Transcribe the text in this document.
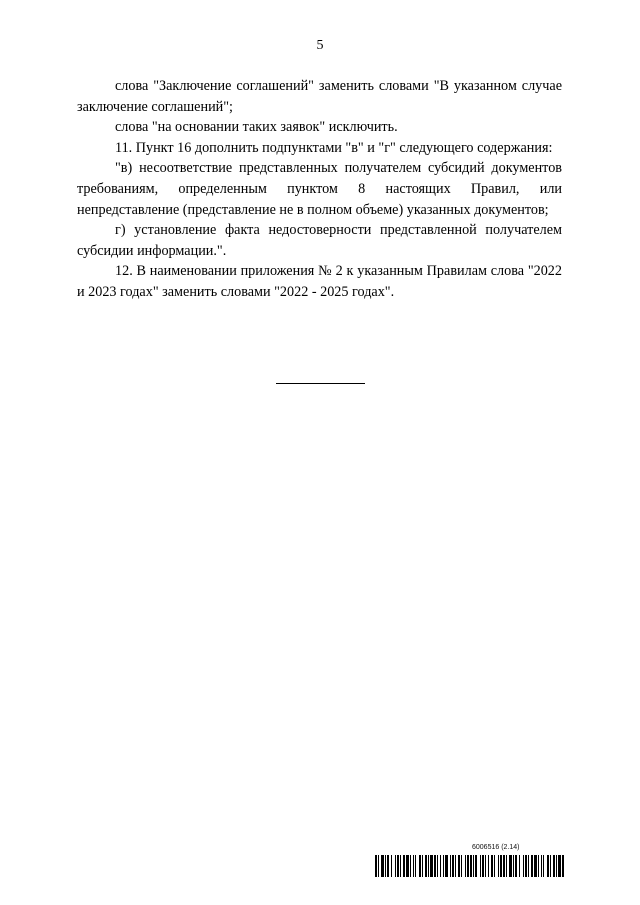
5

слова "Заключение соглашений" заменить словами "В указанном случае заключение соглашений";

слова "на основании таких заявок" исключить.

11. Пункт 16 дополнить подпунктами "в" и "г" следующего содержания:

"в) несоответствие представленных получателем субсидий документов требованиям, определенным пунктом 8 настоящих Правил, или непредставление (представление не в полном объеме) указанных документов;

г) установление факта недостоверности представленной получателем субсидии информации.".

12. В наименовании приложения № 2 к указанным Правилам слова "2022 и 2023 годах" заменить словами "2022 - 2025 годах".

6006516 (2.14)
